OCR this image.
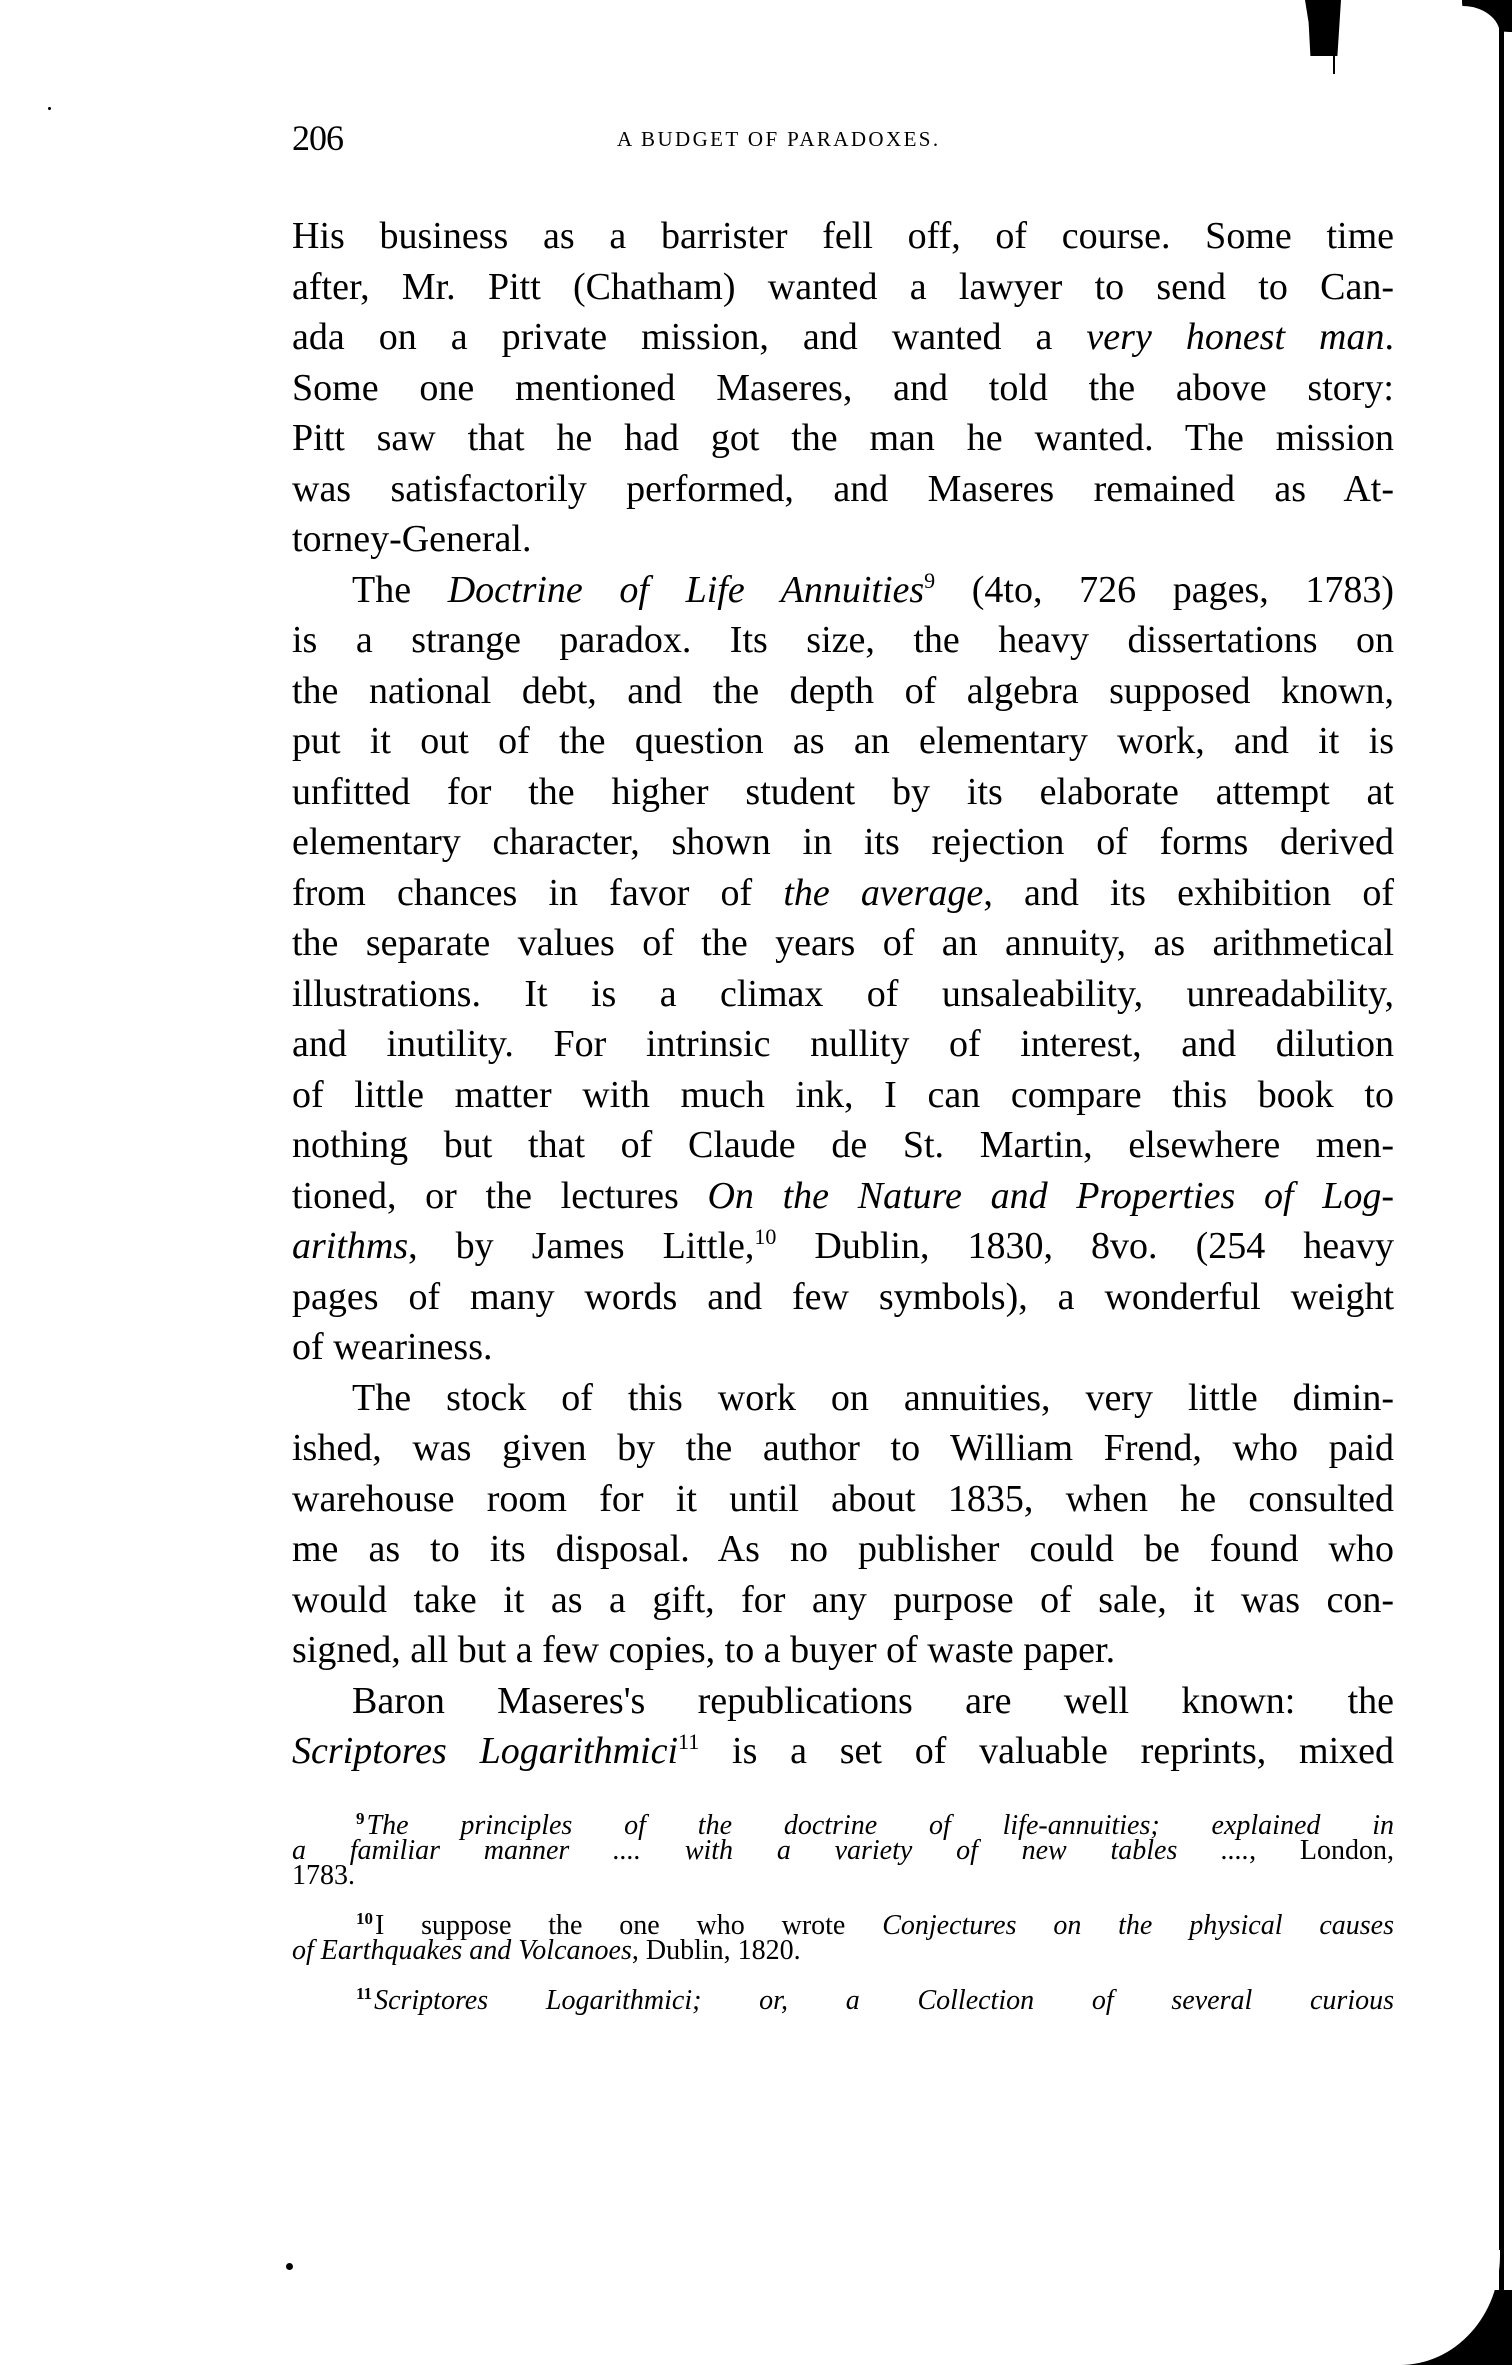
206	A BUDGET OF PARADOXES.
His business as a barrister fell off, of course. Some time
after, Mr. Pitt (Chatham) wanted a lawyer to send to Can-
ada on a private mission, and wanted a very honest man.
Some one mentioned Maseres, and told the above story:
Pitt saw that he had got the man he wanted. The mission
was satisfactorily performed, and Maseres remained as At-
torney-General.
The Doctrine of Life Annuities$^9$ (4to, 726 pages, 1783)
is a strange paradox. Its size, the heavy dissertations on
the national debt, and the depth of algebra supposed known,
put it out of the question as an elementary work, and it is
unfitted for the higher student by its elaborate attempt at
elementary character, shown in its rejection of forms derived
from chances in favor of the average, and its exhibition of
the separate values of the years of an annuity, as arithmetical
illustrations. It is a climax of unsaleability, unreadability,
and inutility. For intrinsic nullity of interest, and dilution
of little matter with much ink, I can compare this book to
nothing but that of Claude de St. Martin, elsewhere men-
tioned, or the lectures On the Nature and Properties of Log-
arithms, by James Little,$^{10}$ Dublin, 1830, 8vo. (254 heavy
pages of many words and few symbols), a wonderful weight
of weariness.
The stock of this work on annuities, very little dimin-
ished, was given by the author to William Frend, who paid
warehouse room for it until about 1835, when he consulted
me as to its disposal. As no publisher could be found who
would take it as a gift, for any purpose of sale, it was con-
signed, all but a few copies, to a buyer of waste paper.
Baron Maseres's republications are well known: the
Scriptores Logarithmici$^{11}$ is a set of valuable reprints, mixed
$^9$The principles of the doctrine of life-annuities; explained in
a familiar manner .... with a variety of new tables ...., London,
1783.
$^{10}$I suppose the one who wrote Conjectures on the physical causes
of Earthquakes and Volcanoes, Dublin, 1820.
$^{11}$Scriptores Logarithmici; or, a Collection of several curious
